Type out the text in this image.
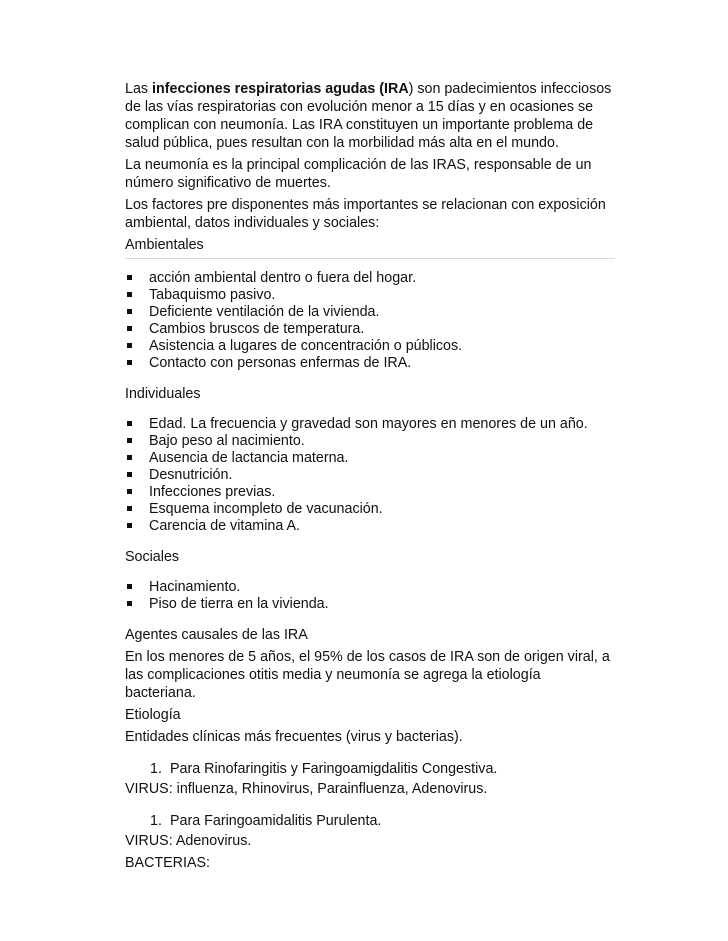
Las infecciones respiratorias agudas (IRA) son padecimientos infecciosos de las vías respiratorias con evolución menor a 15 días y en ocasiones se complican con neumonía. Las IRA constituyen un importante problema de salud pública, pues resultan con la morbilidad más alta en el mundo.

La neumonía es la principal complicación de las IRAS, responsable de un número significativo de muertes.

Los factores pre disponentes más importantes se relacionan con exposición ambiental, datos individuales y sociales:

Ambientales
acción ambiental dentro o fuera del hogar.
Tabaquismo pasivo.
Deficiente ventilación de la vivienda.
Cambios bruscos de temperatura.
Asistencia a lugares de concentración o públicos.
Contacto con personas enfermas de IRA.
Individuales
Edad. La frecuencia y gravedad son mayores en menores de un año.
Bajo peso al nacimiento.
Ausencia de lactancia materna.
Desnutrición.
Infecciones previas.
Esquema incompleto de vacunación.
Carencia de vitamina A.
Sociales
Hacinamiento.
Piso de tierra en la vivienda.

Agentes causales de las IRA

En los menores de 5 años, el 95% de los casos de IRA son de origen viral, a las complicaciones otitis media y neumonía se agrega la etiología bacteriana.

Etiología

Entidades clínicas más frecuentes (virus y bacterias).

1. Para Rinofaringitis y Faringoamigdalitis Congestiva.

VIRUS: influenza, Rhinovirus, Parainfluenza, Adenovirus.

1. Para Faringoamidalitis Purulenta.

VIRUS: Adenovirus.

BACTERIAS:
